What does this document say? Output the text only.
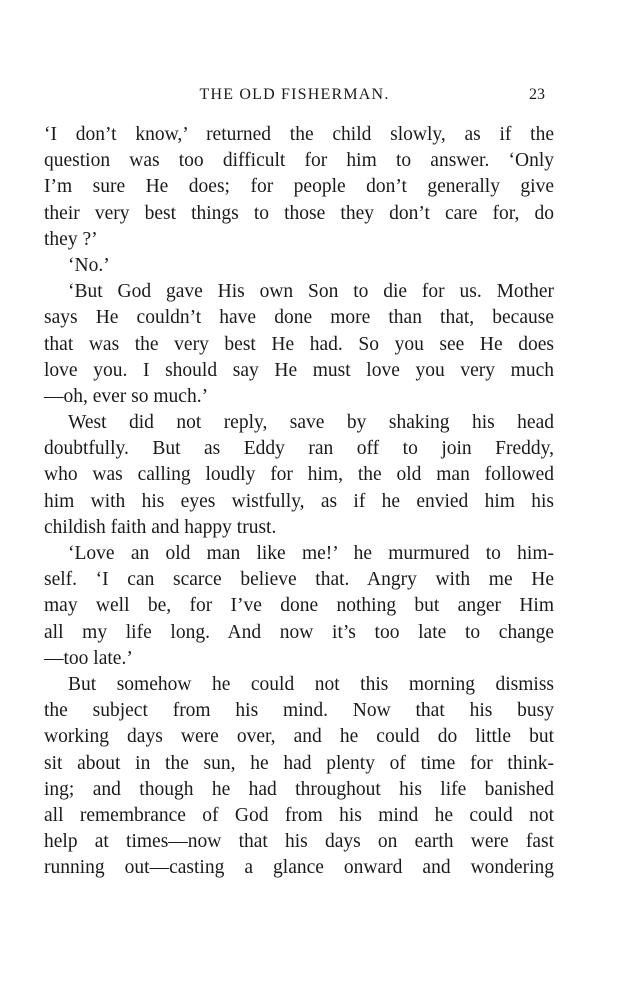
THE OLD FISHERMAN.	23
‘I don’t know,’ returned the child slowly, as if the
question was too difficult for him to answer. ‘Only
I’m sure He does; for people don’t generally give
their very best things to those they don’t care for, do
they ?’
‘No.’
‘But God gave His own Son to die for us. Mother
says He couldn’t have done more than that, because
that was the very best He had. So you see He does
love you. I should say He must love you very much
—oh, ever so much.’
West did not reply, save by shaking his head
doubtfully. But as Eddy ran off to join Freddy,
who was calling loudly for him, the old man followed
him with his eyes wistfully, as if he envied him his
childish faith and happy trust.
‘Love an old man like me!’ he murmured to him-
self. ‘I can scarce believe that. Angry with me He
may well be, for I’ve done nothing but anger Him
all my life long. And now it’s too late to change
—too late.’
But somehow he could not this morning dismiss
the subject from his mind. Now that his busy
working days were over, and he could do little but
sit about in the sun, he had plenty of time for think-
ing; and though he had throughout his life banished
all remembrance of God from his mind he could not
help at times—now that his days on earth were fast
running out—casting a glance onward and wondering
